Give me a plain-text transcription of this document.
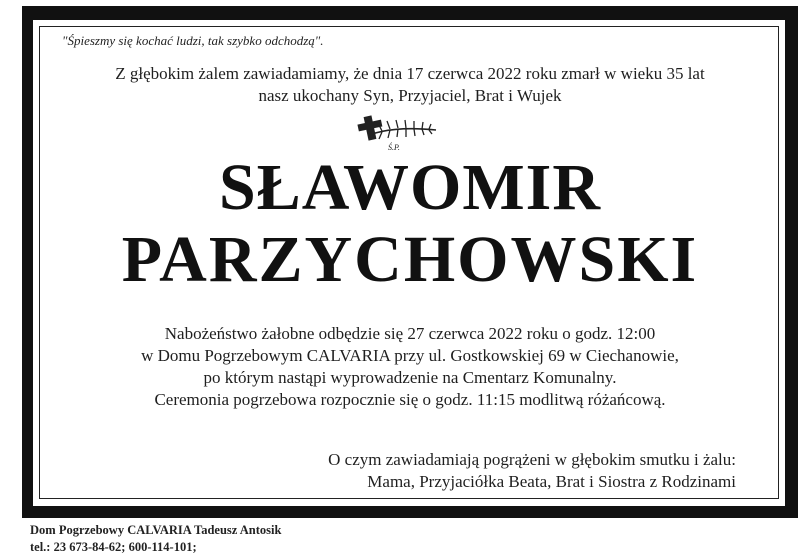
"Śpieszmy się kochać ludzi, tak szybko odchodzą".
Z głębokim żalem zawiadamiamy, że dnia 17 czerwca 2022 roku zmarł w wieku 35 lat
nasz ukochany Syn, Przyjaciel, Brat i Wujek
Ś.P.
SŁAWOMIR
PARZYCHOWSKI
Nabożeństwo żałobne odbędzie się 27 czerwca 2022 roku o godz. 12:00
w Domu Pogrzebowym CALVARIA przy ul. Gostkowskiej 69 w Ciechanowie,
po którym nastąpi wyprowadzenie na Cmentarz Komunalny.
Ceremonia pogrzebowa rozpocznie się o godz. 11:15 modlitwą różańcową.
O czym zawiadamiają pogrążeni w głębokim smutku i żalu:
Mama, Przyjaciółka Beata, Brat i Siostra z Rodzinami
Dom Pogrzebowy CALVARIA Tadeusz Antosik
tel.: 23 673-84-62; 600-114-101;
